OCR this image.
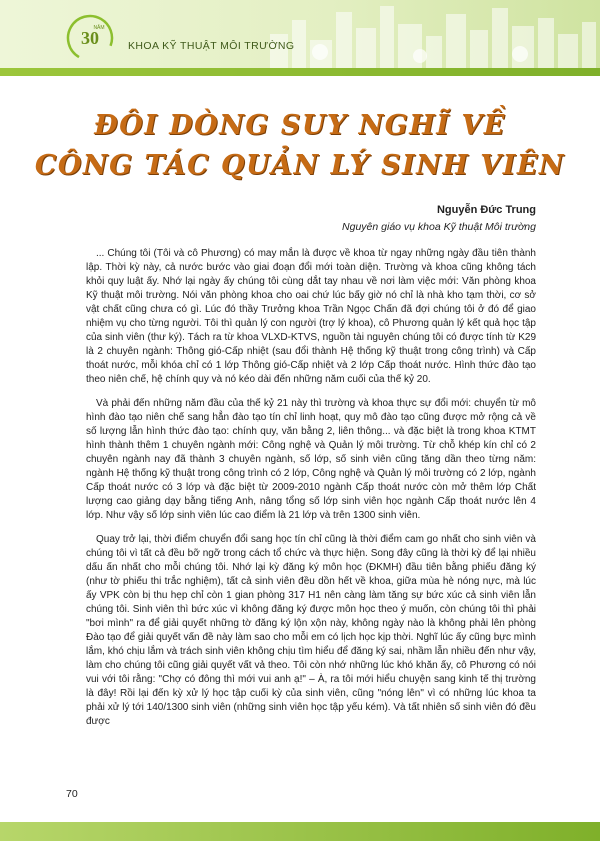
30
NĂM
KHOA KỸ THUẬT MÔI TRƯỜNG
ĐÔI DÒNG SUY NGHĨ VỀ
CÔNG TÁC QUẢN LÝ SINH VIÊN
Nguyễn Đức Trung
Nguyên giáo vụ khoa Kỹ thuật Môi trường

... Chúng tôi (Tôi và cô Phương) có may mắn là được về khoa từ ngay những ngày đầu tiên thành lập. Thời kỳ này, cả nước bước vào giai đoạn đổi mới toàn diện. Trường và khoa cũng không tách khỏi quy luật ấy. Nhớ lại ngày ấy chúng tôi cùng dắt tay nhau về nơi làm việc mới: Văn phòng khoa Kỹ thuật môi trường. Nói văn phòng khoa cho oai chứ lúc bấy giờ nó chỉ là nhà kho tạm thời, cơ sở vật chất cũng chưa có gì. Lúc đó thầy Trưởng khoa Trần Ngọc Chấn đã đợi chúng tôi ở đó để giao nhiệm vụ cho từng người. Tôi thì quản lý con người (trợ lý khoa), cô Phương quản lý kết quả học tập của sinh viên (thư ký). Tách ra từ khoa VLXD-KTVS, nguồn tài nguyên chúng tôi có được tính từ K29 là 2 chuyên ngành: Thông gió-Cấp nhiệt (sau đổi thành Hệ thống kỹ thuật trong công trình) và Cấp thoát nước, mỗi khóa chỉ có 1 lớp Thông gió-Cấp nhiệt và 2 lớp Cấp thoát nước. Hình thức đào tạo theo niên chế, hệ chính quy và nó kéo dài đến những năm cuối của thế kỷ 20.

Và phải đến những năm đầu của thế kỷ 21 này thì trường và khoa thực sự đổi mới: chuyển từ mô hình đào tạo niên chế sang hẳn đào tạo tín chỉ linh hoạt, quy mô đào tạo cũng được mở rộng cả về số lượng lẫn hình thức đào tạo: chính quy, văn bằng 2, liên thông... và đặc biệt là trong khoa KTMT hình thành thêm 1 chuyên ngành mới: Công nghệ và Quản lý môi trường. Từ chỗ khép kín chỉ có 2 chuyên ngành nay đã thành 3 chuyên ngành, số lớp, số sinh viên cũng tăng dần theo từng năm: ngành Hệ thống kỹ thuật trong công trình có 2 lớp, Công nghệ và Quản lý môi trường có 2 lớp, ngành Cấp thoát nước có 3 lớp và đặc biệt từ 2009-2010 ngành Cấp thoát nước còn mở thêm lớp Chất lượng cao giảng dạy bằng tiếng Anh, nâng tổng số lớp sinh viên học ngành Cấp thoát nước lên 4 lớp. Như vậy số lớp sinh viên lúc cao điểm là 21 lớp và trên 1300 sinh viên.

Quay trở lại, thời điểm chuyển đổi sang học tín chỉ cũng là thời điểm cam go nhất cho sinh viên và chúng tôi vì tất cả đều bỡ ngỡ trong cách tổ chức và thực hiện. Song đây cũng là thời kỳ để lại nhiều dấu ấn nhất cho mỗi chúng tôi. Nhớ lại kỳ đăng ký môn học (ĐKMH) đầu tiên bằng phiếu đăng ký (như tờ phiếu thi trắc nghiệm), tất cả sinh viên đều dồn hết về khoa, giữa mùa hè nóng nực, mà lúc ấy VPK còn bị thu hẹp chỉ còn 1 gian phòng 317 H1 nên càng làm tăng sự bức xúc cả sinh viên lẫn chúng tôi. Sinh viên thì bức xúc vì không đăng ký được môn học theo ý muốn, còn chúng tôi thì phải "bơi mình" ra để giải quyết những tờ đăng ký lộn xộn này, không ngày nào là không phải lên phòng Đào tạo để giải quyết vấn đề này làm sao cho mỗi em có lịch học kịp thời. Nghĩ lúc ấy cũng bực mình lắm, khó chịu lắm và trách sinh viên không chịu tìm hiểu để đăng ký sai, nhầm lẫn nhiều đến như vậy, làm cho chúng tôi cũng giải quyết vất vả theo. Tôi còn nhớ những lúc khó khăn ấy, cô Phương có nói vui với tôi rằng: "Chợ có đông thì mới vui anh ạ!" – À, ra tôi mới hiểu chuyện sang kinh tế thị trường là đây! Rồi lại đến kỳ xử lý học tập cuối kỳ của sinh viên, cũng "nóng lên" vì có những lúc khoa ta phải xử lý tới 140/1300 sinh viên (những sinh viên học tập yếu kém). Và tất nhiên số sinh viên đó đều được

70
